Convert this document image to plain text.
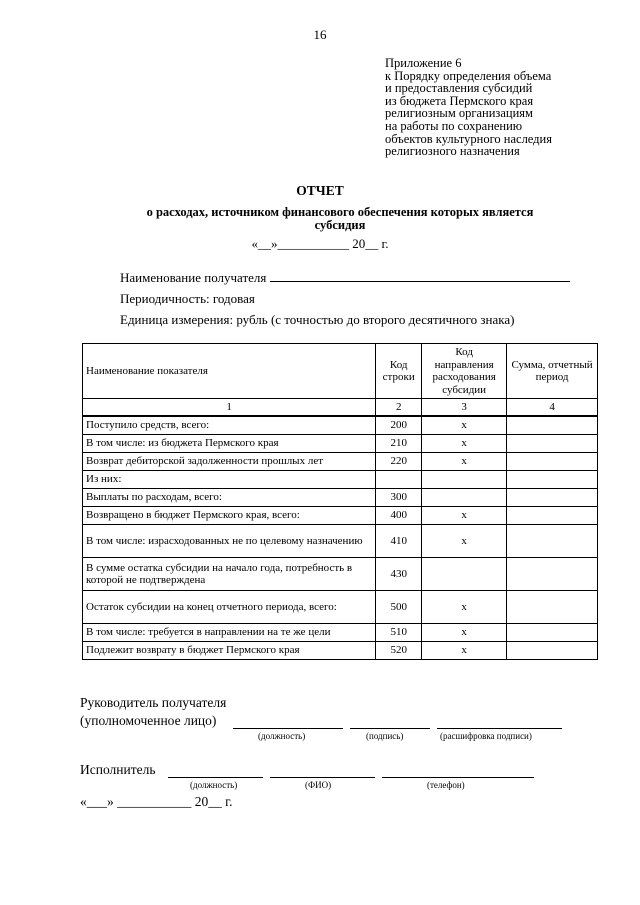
16
Приложение 6
к Порядку определения объема
и предоставления субсидий
из бюджета Пермского края
религиозным организациям
на работы по сохранению
объектов культурного наследия
религиозного назначения
ОТЧЕТ
о расходах, источником финансового обеспечения которых является субсидия
«__»___________ 20__ г.
Наименование получателя
Периодичность: годовая
Единица измерения: рубль (с точностью до второго десятичного знака)
Наименование показателя	Код строки	Код направления расходования субсидии	Сумма, отчетный период
1	2	3	4
Поступило средств, всего:	200	x	
В том числе: из бюджета Пермского края	210	x	
Возврат дебиторской задолженности прошлых лет	220	x	
Из них:			
Выплаты по расходам, всего:	300		
Возвращено в бюджет Пермского края, всего:	400	x	
В том числе: израсходованных не по целевому назначению	410	x	
В сумме остатка субсидии на начало года, потребность в которой не подтверждена	430		
Остаток субсидии на конец отчетного периода, всего:	500	x	
В том числе: требуется в направлении на те же цели	510	x	
Подлежит возврату в бюджет Пермского края	520	x	
Руководитель получателя
(уполномоченное лицо)
(должность)	(подпись)	(расшифровка подписи)
Исполнитель
(должность)	(ФИО)	(телефон)
«___» ___________ 20__ г.
